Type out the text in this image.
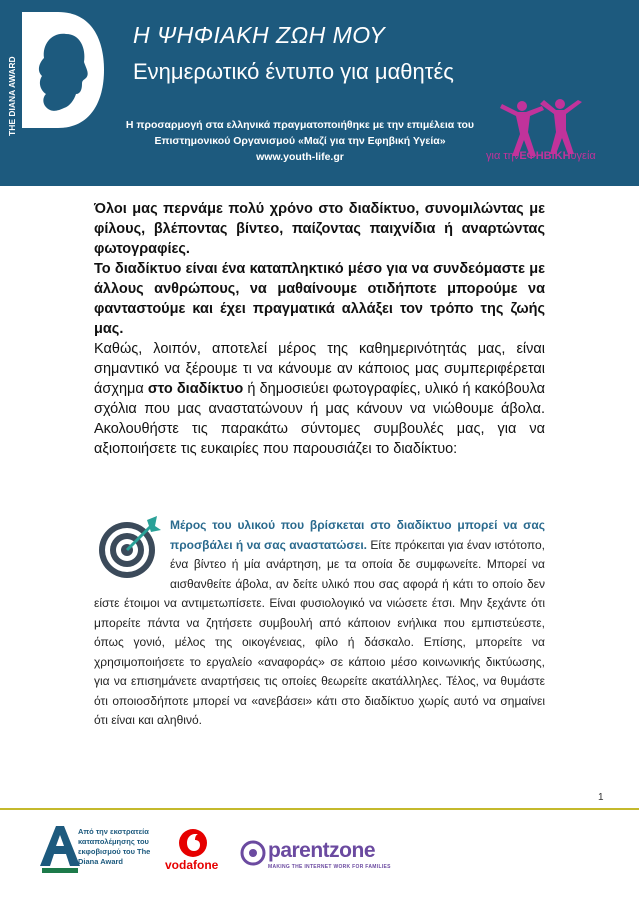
THE DIANA AWARD
Η ΨΗΦΙΑΚΗ ΖΩΗ ΜΟΥ
Ενημερωτικό έντυπο για μαθητές
Η προσαρμογή στα ελληνικά πραγματοποιήθηκε με την επιμέλεια του
Επιστημονικού Οργανισμού «Μαζί για την Εφηβική Υγεία»
www.youth-life.gr	για τηνΕΦΗΒΙΚΗυγεία

Όλοι μας περνάμε πολύ χρόνο στο διαδίκτυο, συνομιλώντας με φίλους, βλέποντας βίντεο, παίζοντας παιχνίδια ή αναρτώντας φωτογραφίες.

Το διαδίκτυο είναι ένα καταπληκτικό μέσο για να συνδεόμαστε με άλλους ανθρώπους, να μαθαίνουμε οτιδήποτε μπορούμε να φανταστούμε και έχει πραγματικά αλλάξει τον τρόπο της ζωής μας.

Καθώς, λοιπόν, αποτελεί μέρος της καθημερινότητάς μας, είναι σημαντικό να ξέρουμε τι να κάνουμε αν κάποιος μας συμπεριφέρεται άσχημα στο διαδίκτυο ή δημοσιεύει φωτογραφίες, υλικό ή κακόβουλα σχόλια που μας αναστατώνουν ή μας κάνουν να νιώθουμε άβολα. Ακολουθήστε τις παρακάτω σύντομες συμβουλές μας, για να αξιοποιήσετε τις ευκαιρίες που παρουσιάζει το διαδίκτυο:

Μέρος του υλικού που βρίσκεται στο διαδίκτυο μπορεί να σας προσβάλει ή να σας αναστατώσει. Είτε πρόκειται για έναν ιστότοπο, ένα βίντεο ή μία ανάρτηση, με τα οποία δε συμφωνείτε. Μπορεί να αισθανθείτε άβολα, αν δείτε υλικό που σας αφορά ή κάτι το οποίο δεν είστε έτοιμοι να αντιμετωπίσετε. Είναι φυσιολογικό να νιώσετε έτσι. Μην ξεχάντε ότι μπορείτε πάντα να ζητήσετε συμβουλή από κάποιον ενήλικα που εμπιστεύεστε, όπως γονιό, μέλος της οικογένειας, φίλο ή δάσκαλο. Επίσης, μπορείτε να χρησιμοποιήσετε το εργαλείο «αναφοράς» σε κάποιο μέσο κοινωνικής δικτύωσης, για να επισημάνετε αναρτήσεις τις οποίες θεωρείτε ακατάλληλες. Τέλος, να θυμάστε ότι οποιοσδήποτε μπορεί να «ανεβάσει» κάτι στο διαδίκτυο χωρίς αυτό να σημαίνει ότι είναι και αληθινό.
1
Από την εκστρατεία καταπολέμησης του εκφοβισμού του The Diana Award	vodafone
parentzone
MAKING THE INTERNET WORK FOR FAMILIES
